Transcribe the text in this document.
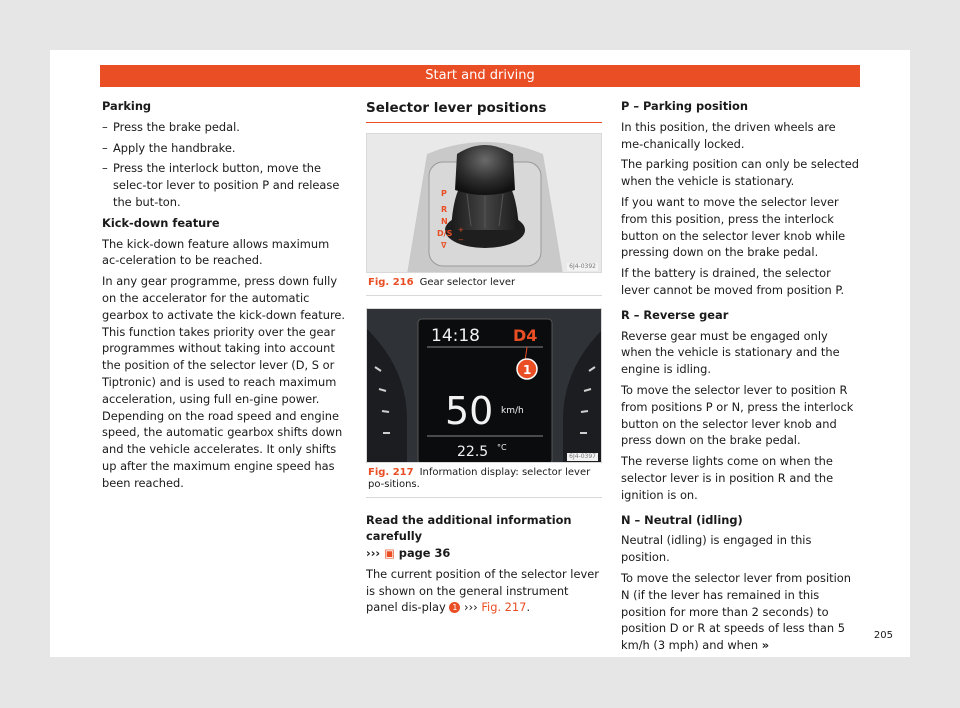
Start and driving

Parking

– Press the brake pedal.
– Apply the handbrake.
– Press the interlock button, move the selec-tor lever to position P and release the but-ton.

Kick-down feature

The kick-down feature allows maximum ac-celeration to be reached.

In any gear programme, press down fully on the accelerator for the automatic gearbox to activate the kick-down feature. This function takes priority over the gear programmes without taking into account the position of the selector lever (D, S or Tiptronic) and is used to reach maximum acceleration, using full en-gine power. Depending on the road speed and engine speed, the automatic gearbox shifts down and the vehicle accelerates. It only shifts up after the maximum engine speed has been reached.

Selector lever positions
P
R
N
D/S
∇
+
−
6J4-0392
Fig. 216 Gear selector lever
14:18 D4
1
50 km/h
22.5 °C
6J4-0397
Fig. 217 Information display: selector lever po-sitions.

Read the additional information carefully
››› ▣ page 36

The current position of the selector lever is shown on the general instrument panel dis-play 1 ››› Fig. 217.

P – Parking position

In this position, the driven wheels are me-chanically locked.

The parking position can only be selected when the vehicle is stationary.

If you want to move the selector lever from this position, press the interlock button on the selector lever knob while pressing down on the brake pedal.

If the battery is drained, the selector lever cannot be moved from position P.

R – Reverse gear

Reverse gear must be engaged only when the vehicle is stationary and the engine is idling.

To move the selector lever to position R from positions P or N, press the interlock button on the selector lever knob and press down on the brake pedal.

The reverse lights come on when the selector lever is in position R and the ignition is on.

N – Neutral (idling)

Neutral (idling) is engaged in this position.

To move the selector lever from position N (if the lever has remained in this position for more than 2 seconds) to position D or R at speeds of less than 5 km/h (3 mph) and when »

205
